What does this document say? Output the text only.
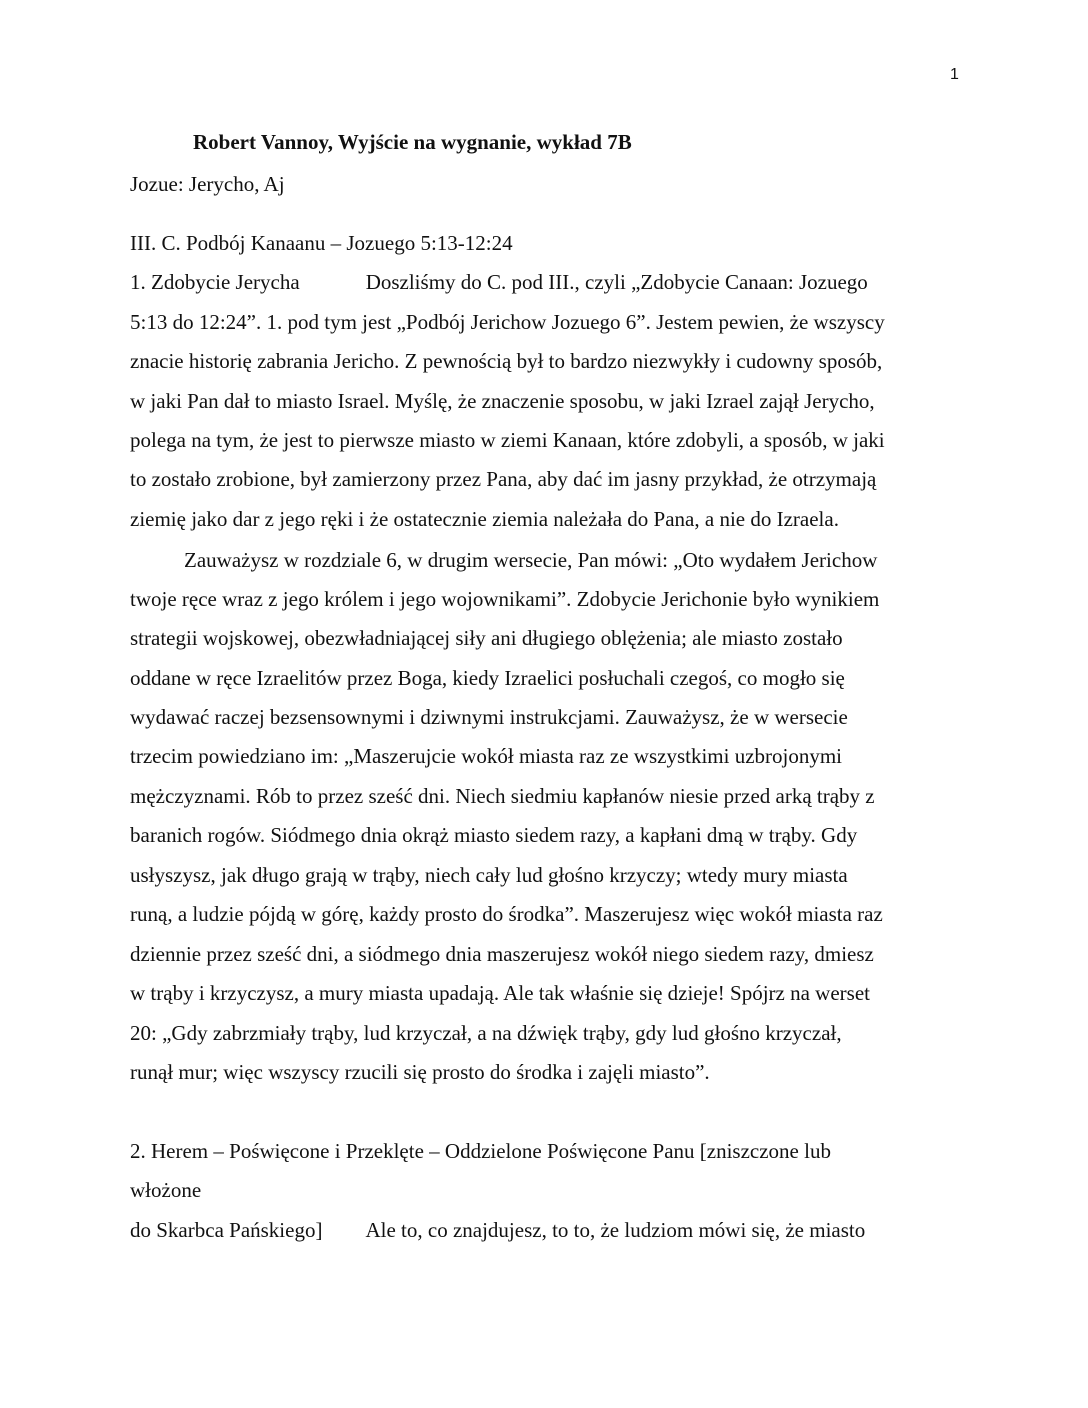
1
Robert Vannoy, Wyjście na wygnanie, wykład 7B

Jozue: Jerycho, Aj

III. C. Podbój Kanaanu – Jozuego 5:13-12:24

1. Zdobycie Jerycha	Doszliśmy do C. pod III., czyli „Zdobycie Canaan: Jozuego

5:13 do 12:24”. 1. pod tym jest „Podbój Jerichow Jozuego 6”. Jestem pewien, że wszyscy

znacie historię zabrania Jericho. Z pewnością był to bardzo niezwykły i cudowny sposób,

w jaki Pan dał to miasto Israel. Myślę, że znaczenie sposobu, w jaki Izrael zajął Jerycho,

polega na tym, że jest to pierwsze miasto w ziemi Kanaan, które zdobyli, a sposób, w jaki

to zostało zrobione, był zamierzony przez Pana, aby dać im jasny przykład, że otrzymają

ziemię jako dar z jego ręki i że ostatecznie ziemia należała do Pana, a nie do Izraela.

Zauważysz w rozdziale 6, w drugim wersecie, Pan mówi: „Oto wydałem Jerichow

twoje ręce wraz z jego królem i jego wojownikami”. Zdobycie Jerichonie było wynikiem

strategii wojskowej, obezwładniającej siły ani długiego oblężenia; ale miasto zostało

oddane w ręce Izraelitów przez Boga, kiedy Izraelici posłuchali czegoś, co mogło się

wydawać raczej bezsensownymi i dziwnymi instrukcjami. Zauważysz, że w wersecie

trzecim powiedziano im: „Maszerujcie wokół miasta raz ze wszystkimi uzbrojonymi

mężczyznami. Rób to przez sześć dni. Niech siedmiu kapłanów niesie przed arką trąby z

baranich rogów. Siódmego dnia okrąż miasto siedem razy, a kapłani dmą w trąby. Gdy

usłyszysz, jak długo grają w trąby, niech cały lud głośno krzyczy; wtedy mury miasta

runą, a ludzie pójdą w górę, każdy prosto do środka”. Maszerujesz więc wokół miasta raz

dziennie przez sześć dni, a siódmego dnia maszerujesz wokół niego siedem razy, dmiesz

w trąby i krzyczysz, a mury miasta upadają. Ale tak właśnie się dzieje! Spójrz na werset

20: „Gdy zabrzmiały trąby, lud krzyczał, a na dźwięk trąby, gdy lud głośno krzyczał,

runął mur; więc wszyscy rzucili się prosto do środka i zajęli miasto”.

2. Herem – Poświęcone i Przeklęte – Oddzielone Poświęcone Panu [zniszczone lub

włożone

do Skarbca Pańskiego] Ale to, co znajdujesz, to to, że ludziom mówi się, że miasto
